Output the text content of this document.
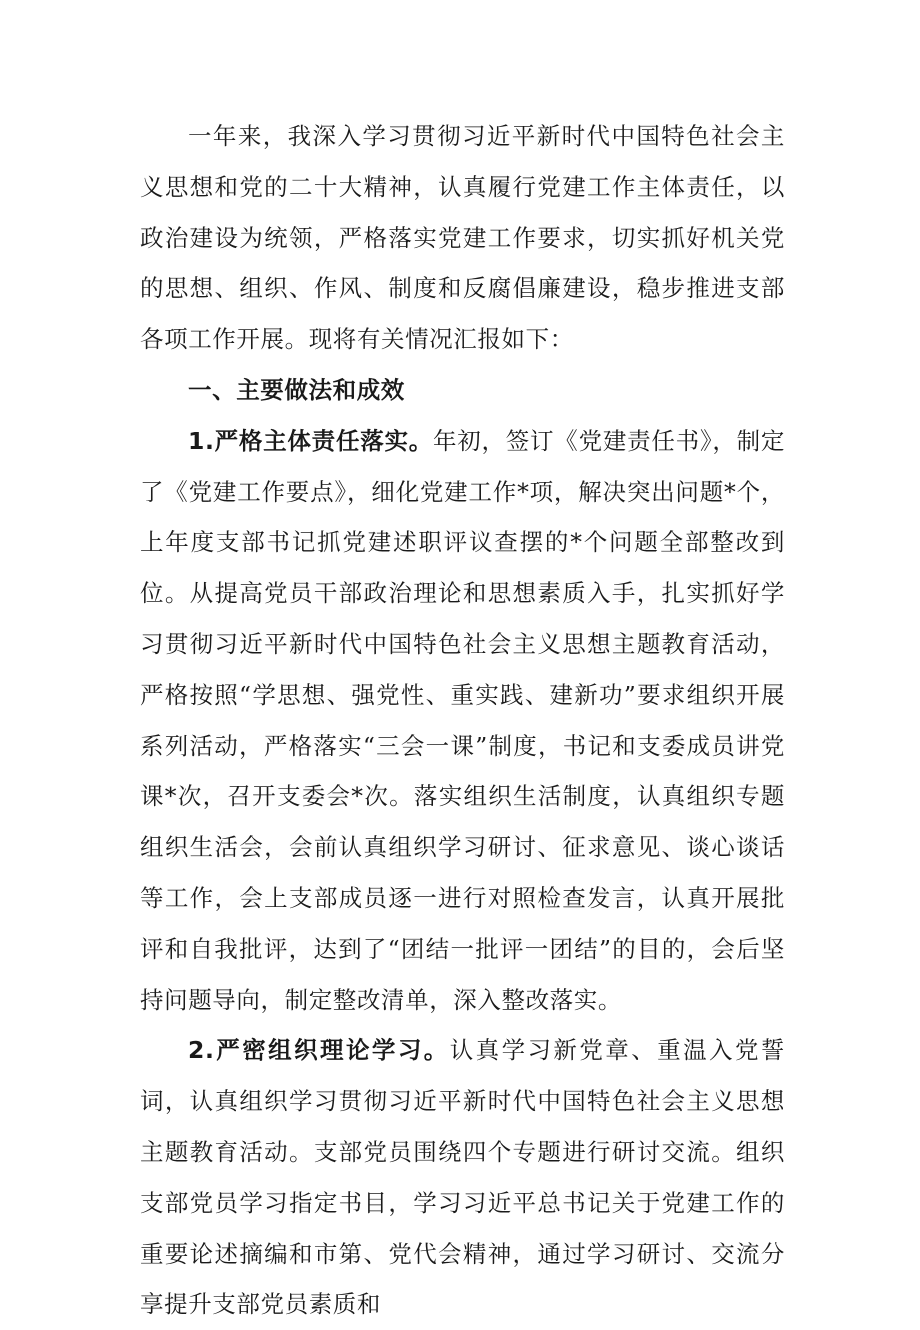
一年来，我深入学习贯彻习近平新时代中国特色社会主义思想和党的二十大精神，认真履行党建工作主体责任，以政治建设为统领，严格落实党建工作要求，切实抓好机关党的思想、组织、作风、制度和反腐倡廉建设，稳步推进支部各项工作开展。现将有关情况汇报如下：

一、主要做法和成效

1.严格主体责任落实。年初，签订《党建责任书》，制定了《党建工作要点》，细化党建工作*项，解决突出问题*个，上年度支部书记抓党建述职评议查摆的*个问题全部整改到位。从提高党员干部政治理论和思想素质入手，扎实抓好学习贯彻习近平新时代中国特色社会主义思想主题教育活动，严格按照“学思想、强党性、重实践、建新功”要求组织开展系列活动，严格落实“三会一课”制度，书记和支委成员讲党课*次，召开支委会*次。落实组织生活制度，认真组织专题组织生活会，会前认真组织学习研讨、征求意见、谈心谈话等工作，会上支部成员逐一进行对照检查发言，认真开展批评和自我批评，达到了“团结一批评一团结”的目的，会后坚持问题导向，制定整改清单，深入整改落实。

2.严密组织理论学习。认真学习新党章、重温入党誓词，认真组织学习贯彻习近平新时代中国特色社会主义思想主题教育活动。支部党员围绕四个专题进行研讨交流。组织支部党员学习指定书目，学习习近平总书记关于党建工作的重要论述摘编和市第、党代会精神，通过学习研讨、交流分享提升支部党员素质和
